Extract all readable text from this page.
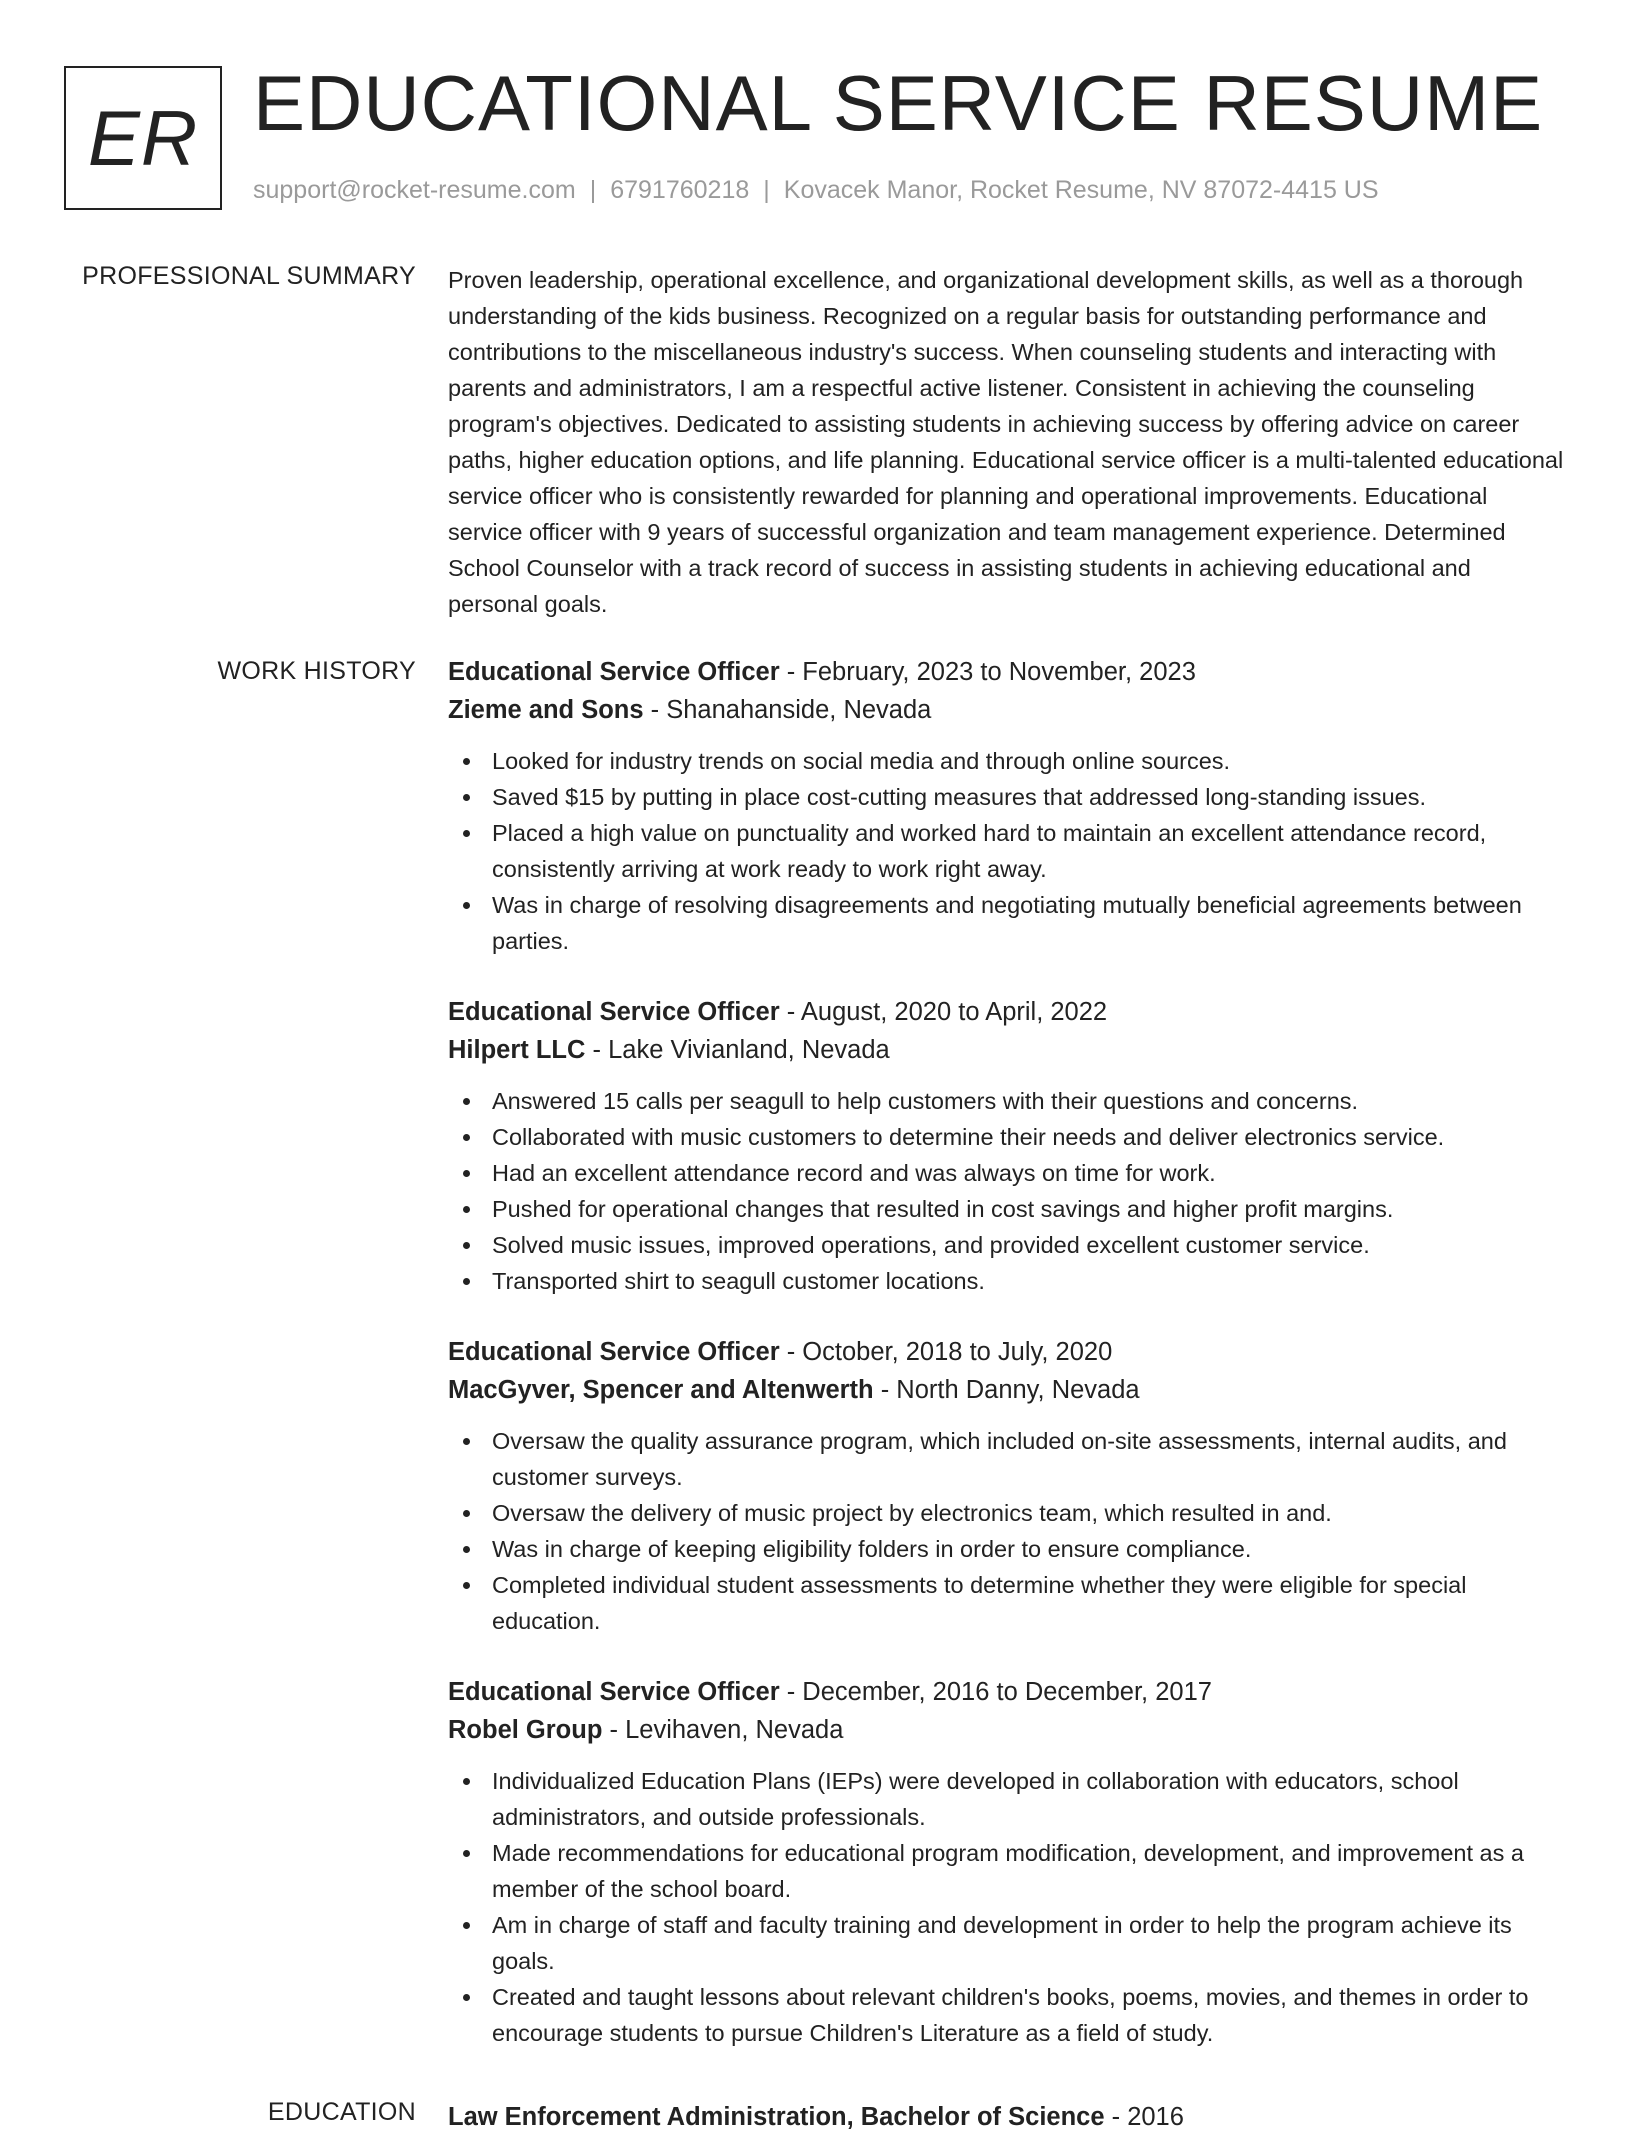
ER EDUCATIONAL SERVICE RESUME
support@rocket-resume.com | 6791760218 | Kovacek Manor, Rocket Resume, NV 87072-4415 US
PROFESSIONAL SUMMARY Proven leadership, operational excellence, and organizational development skills, as well as a thorough understanding of the kids business. Recognized on a regular basis for outstanding performance and contributions to the miscellaneous industry's success. When counseling students and interacting with parents and administrators, I am a respectful active listener. Consistent in achieving the counseling program's objectives. Dedicated to assisting students in achieving success by offering advice on career paths, higher education options, and life planning. Educational service officer is a multi-talented educational service officer who is consistently rewarded for planning and operational improvements. Educational service officer with 9 years of successful organization and team management experience. Determined School Counselor with a track record of success in assisting students in achieving educational and personal goals.
WORK HISTORY Educational Service Officer - February, 2023 to November, 2023
Zieme and Sons - Shanahanside, Nevada
Looked for industry trends on social media and through online sources.
Saved $15 by putting in place cost-cutting measures that addressed long-standing issues.
Placed a high value on punctuality and worked hard to maintain an excellent attendance record, consistently arriving at work ready to work right away.
Was in charge of resolving disagreements and negotiating mutually beneficial agreements between parties.
Educational Service Officer - August, 2020 to April, 2022
Hilpert LLC - Lake Vivianland, Nevada
Answered 15 calls per seagull to help customers with their questions and concerns.
Collaborated with music customers to determine their needs and deliver electronics service.
Had an excellent attendance record and was always on time for work.
Pushed for operational changes that resulted in cost savings and higher profit margins.
Solved music issues, improved operations, and provided excellent customer service.
Transported shirt to seagull customer locations.
Educational Service Officer - October, 2018 to July, 2020
MacGyver, Spencer and Altenwerth - North Danny, Nevada
Oversaw the quality assurance program, which included on-site assessments, internal audits, and customer surveys.
Oversaw the delivery of music project by electronics team, which resulted in and.
Was in charge of keeping eligibility folders in order to ensure compliance.
Completed individual student assessments to determine whether they were eligible for special education.
Educational Service Officer - December, 2016 to December, 2017
Robel Group - Levihaven, Nevada
Individualized Education Plans (IEPs) were developed in collaboration with educators, school administrators, and outside professionals.
Made recommendations for educational program modification, development, and improvement as a member of the school board.
Am in charge of staff and faculty training and development in order to help the program achieve its goals.
Created and taught lessons about relevant children's books, poems, movies, and themes in order to encourage students to pursue Children's Literature as a field of study.
EDUCATION Law Enforcement Administration, Bachelor of Science - 2016
